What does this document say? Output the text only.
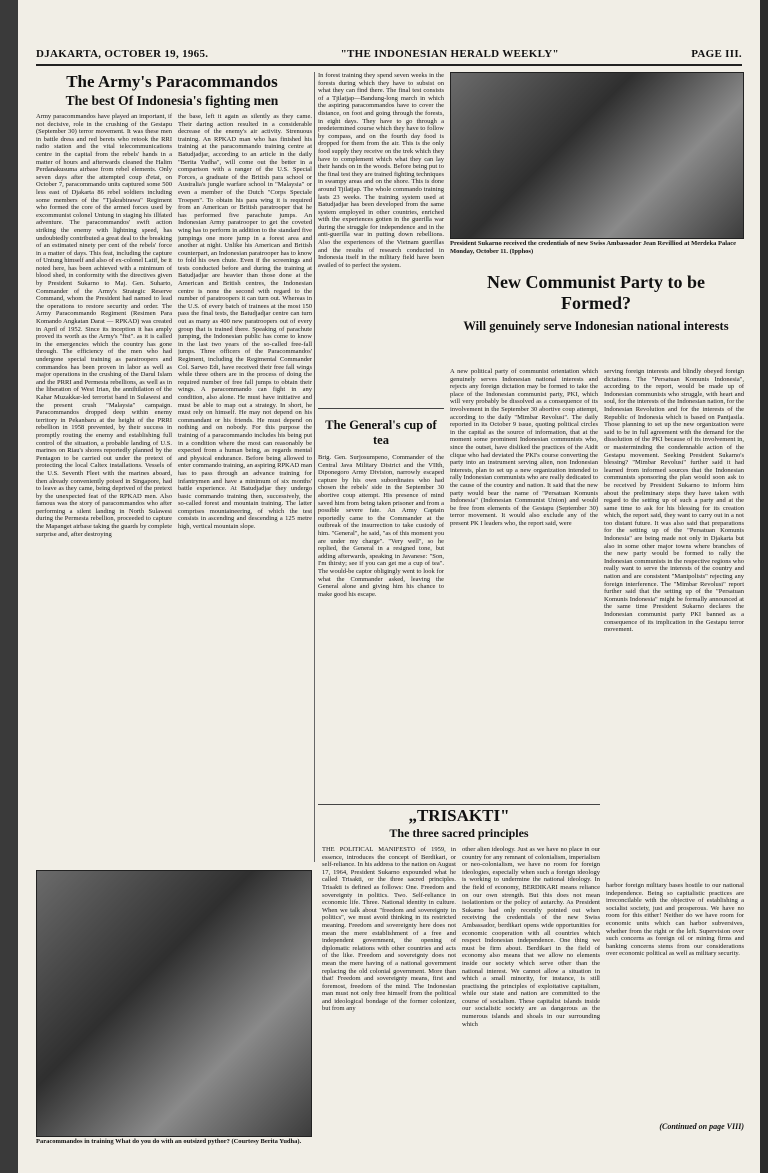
DJAKARTA, OCTOBER 19, 1965.	"THE INDONESIAN HERALD WEEKLY"	PAGE III.
The Army's Paracommandos
The best Of Indonesia's fighting men
Army paracommandos have played an important, if not decisive, role in the crushing of the Gestapu (September 30) terror movement. It was these men in battle dress and red berets who retook the RRI radio station and the vital telecommunications centre in the capital from the rebels' hands in a matter of hours and afterwards cleaned the Halim Perdanakusuma airbase from rebel elements. Only seven days after the attempted coup d'etat, on October 7, paracommando units captured some 500 less east of Djakarta 86 rebel soldiers including some members of the "Tjakrabirawa" Regiment who formed the core of the armed forces used by excommunist colonel Untung in staging his illfated adventure. The paracommandos' swift action striking the enemy with lightning speed, has undoubtedly contributed a great deal to the breaking of an estimated ninety per cent of the rebels' force in a matter of days. This feat, including the capture of Untung himself and also of ex-colonel Latif, be it noted here, has been achieved with a minimum of blood shed, in conformity with the directives given by President Sukarno to Maj. Gen. Suharto, Commander of the Army's Strategic Reserve Command, whom the President had named to lead the operations to restore security and order. The Army Paracommando Regiment (Resimen Para Komando Angkatan Darat — RPKAD) was created in April of 1952. Since its inception it has amply proved its worth as the Army's "fist". as it is called in the emergencies which the country has gone through. The efficiency of the men who had undergone special training as paratroopers and commandos has been proven in labor as well as major operations in the crushing of the Darul Islam and the PRRI and Permesta rebellions, as well as in the liberation of West Irian, the annihilation of the Kahar Muzakkar-led terrorist band in Sulawesi and the present crush "Malaysia" campaign. Paracommandos dropped deep within enemy territory in Pekanbaru at the height of the PRRI rebellion in 1958 prevented, by their success in promptly routing the enemy and establishing full control of the situation, a probable landing of U.S. marines on Riau's shores reportedly planned by the Pentagon to be carried out under the pretext of protecting the local Caltex installations. Vessels of the U.S. Seventh Fleet with the marines aboard, then already conveniently poised in Singapore, had to leave as they came, being deprived of the pretext by the unexpected feat of the RPKAD men. Also famous was the story of paracommandos who after performing a silent landing in North Sulawesi during the Permesta rebellion, proceeded to capture the Mapanget airbase taking the guards by complete surprise and, after destroying
the base, left it again as silently as they came. Their daring action resulted in a considerable decrease of the enemy's air activity. Strenuous training. An RPKAD man who has finished his training at the paracommando training centre at Batudjadjar, according to an article in the daily "Berita Yudha", will come out the better in a comparison with a ranger of the U.S. Special Forces, a graduate of the British para school or Australia's jungle warfare school in "Malaysia" or even a member of the Dutch "Corps Speciale Troepen". To obtain his para wing it is required from an American or British paratrooper that he has performed five parachute jumps. An Indonesian Army paratrooper to get the coveted wing has to perform in addition to the standard five jumpings one more jump in a forest area and another at night. Unlike his American and British counterpart, an Indonesian paratrooper has to know to fold his own chute. Even if the screenings and tests conducted before and during the training at Batudjadjar are heavier than those done at the American and British centres, the Indonesian centre is none the second with regard to the number of paratroopers it can turn out. Whereas in the U.S. of every batch of trainees at the most 150 pass the final tests, the Batudjadjar centre can turn out as many as 400 new paratroopers out of every group that is trained there. Speaking of parachute jumping, the Indonesian public has come to know in the last two years of the so-called free-fall jumps. Three officers of the Paracommandos' Regiment, including the Regimental Commander Col. Sarwo Edi, have received their free fall wings while three others are in the process of doing the required number of free fall jumps to obtain their wings. A paracommando can fight in any condition, also alone. He must have initiative and must be able to map out a strategy. In short, he must rely on himself. He may not depend on his commandant or his friends. He must depend on nothing and on nobody. For this purpose the training of a paracommando includes his being put in a condition where the most can reasonably be expected from a human being, as regards mental and physical endurance. Before being allowed to enter commando training, an aspiring RPKAD man has to pass through an advance training for infantrymen and have a minimum of six months' battle experience. At Batudjadjar they undergo basic commando training then, successively, the so-called forest and mountain training. The latter comprises mountaineering, of which the test consists in ascending and descending a 125 metre high, vertical mountain slope.
In forest training they spend seven weeks in the forests during which they have to subsist on what they can find there. The final test consists of a Tjilatjap—Bandung-long march in which the aspiring paracommandos have to cover the distance, on foot and going through the forests, in eight days. They have to go through a predetermined course which they have to follow by compass, and on the fourth day food is dropped for them from the air. This is the only food supply they receive on the trek which they have to complement which what they can lay their hands on in the woods. Before being put to the final test they are trained fighting techniques in swampy areas and on the shore. This is done around Tjilatjap. The whole commando training lasts 23 weeks. The training system used at Batudjadjar has been developed from the same system employed in other countries, enriched with the experiences gotten in the guerilla war during the struggle for independence and in the anti-guerilla war in putting down rebellions. Also the experiences of the Vietnam guerillas and the results of research conducted in Indonesia itself in the military field have been availed of to perfect the system.
Paracommandos in training What do you do with an outsized pythor? (Courtesy Berita Yudha).
The General's cup of tea
Brig. Gen. Surjosumpeno, Commander of the Central Java Military District and the VIIth, Diponegoro Army Division, narrowly escaped capture by his own subordinates who had chosen the rebels' side in the September 30 abortive coup attempt. His presence of mind saved him from being taken prisoner and from a possible severe fate. An Army Captain reportedly came to the Commander at the outbreak of the insurrection to take custody of him. "General", he said, "as of this moment you are under my charge". "Very well", so he replied, the General in a resigned tone, but adding afterwards, speaking in Javanese: "Son, I'm thirsty; see if you can get me a cup of tea". The would-be captor obligingly went to look for what the Commander asked, leaving the General alone and giving him his chance to make good his escape.
President Sukarno received the credentials of new Swiss Ambassador Jean Revilliod at Merdeka Palace Monday, October 11. (Ipphos)
New Communist Party to be Formed?
Will genuinely serve Indonesian national interests
A new political party of communist orientation which genuinely serves Indonesian national interests and rejects any foreign dictation may be formed to take the place of the Indonesian communist party, PKI, which will very probably be dissolved as a consequence of its involvement in the September 30 abortive coup attempt, according to the daily "Mimbar Revolusi". The daily reported in its October 9 issue, quoting political circles in the capital as the source of information, that at the moment some prominent Indonesian communists who, since the outset, have disliked the practices of the Aidit clique who had deviated the PKI's course converting the party into an instrument serving alien, non Indonesian interests, plan to set up a new organization intended to rally Indonesian communists who are really dedicated to the cause of the country and nation. It said that the new party would bear the name of "Persatuan Komunis Indonesia" (Indonesian Communist Union) and would be free from elements of the Gestapu (September 30) terror movement. It would also exclude any of the present PK I leaders who, the report said, were
serving foreign interests and blindly obeyed foreign dictations. The "Persatuan Komunis Indonesia", according to the report, would be made up of Indonesian communists who struggle, with heart and soul, for the interests of the Indonesian nation, for the Indonesian Revolution and for the interests of the Republic of Indonesia which is based on Pantjasila. Those planning to set up the new organization were said to be in full agreement with the demand for the dissolution of the PKI because of its involvement in, or masterminding the condemnable action of the Gestapu movement. Seeking President Sukarno's blessing? "Mimbar Revolusi" further said it had learned from informed sources that the Indonesian communists sponsoring the plan would soon ask to be received by President Sukarno to inform him about the preliminary steps they have taken with regard to the setting up of such a party and at the same time to ask for his blessing for its creation which, the report said, they want to carry out in a not too distant future. It was also said that preparations for the setting up of the "Persatuan Komunis Indonesia" are being made not only in Djakarta but also in some other major towns where branches of the new party would be formed to rally the Indonesian communists in the respective regions who really want to serve the interests of the country and nation and are consistent "Manipolists" rejecting any foreign interference. The "Mimbar Revolusi" report further said that the setting up of the "Persatuan Komunis Indonesia" might be formally announced at the same time President Sukarno declares the Indonesian communist party PKI banned as a consequence of its implication in the Gestapu terror movement.
„TRISAKTI"
The three sacred principles
THE POLITICAL MANIFESTO of 1959, in essence, introduces the concept of Berdikari, or self-reliance. In his address to the nation on August 17, 1964, President Sukarno expounded what he called Trisakti, or the three sacred principles. Trisakti is defined as follows: One. Freedom and sovereignty in politics. Two. Self-reliance in economic life. Three. National identity in culture. When we talk about "freedom and sovereignty in politics", we must avoid thinking in its restricted meaning. Freedom and sovereignty here does not mean the mere establishment of a free and independent government, the opening of diplomatic relations with other countries and acts of the like. Freedom and sovereignty does not mean the mere having of a national government replacing the old colonial government. More than that! Freedom and sovereignty means, first and foremost, freedom of the mind. The Indonesian man must not only free himself from the political and ideological bondage of the former colonizer, but from any
other alien ideology. Just as we have no place in our country for any remnant of colonialism, imperialism or neo-colonialism, we have no room for foreign ideologies, especially when such a foreign ideology is working to undermine the national ideology. In the field of economy, BERDIKARI means reliance on our own strength. But this does not mean isolationism or the policy of autarchy. As President Sukarno had only recently pointed out when receiving the credentials of the new Swiss Ambassador, berdikari opens wide opportunities for economic cooperation with all countries which respect Indonesian independence. One thing we must be firm about. Berdikari in the field of economy also means that we allow no elements inside our society which serve other than the national interest. We cannot allow a situation in which a small minority, for instance, is still practising the principles of exploitative capitalism, while our state and nation are committed to the course of socialism. These capitalist islands inside our socialistic society are as dangerous as the numerous islands and shoals in our surrounding which
harbor foreign military bases hostile to our national independence. Being so capitalistic practices are irreconcilable with the objective of establishing a socialist society, just and prosperous. We have no room for this either! Neither do we have room for economic units which can harbor subversives, whether from the right or the left. Supervision over such concerns as foreign oil or mining firms and banking concerns stems from our considerations over economic political as well as military security.
(Continued on page VIII)
